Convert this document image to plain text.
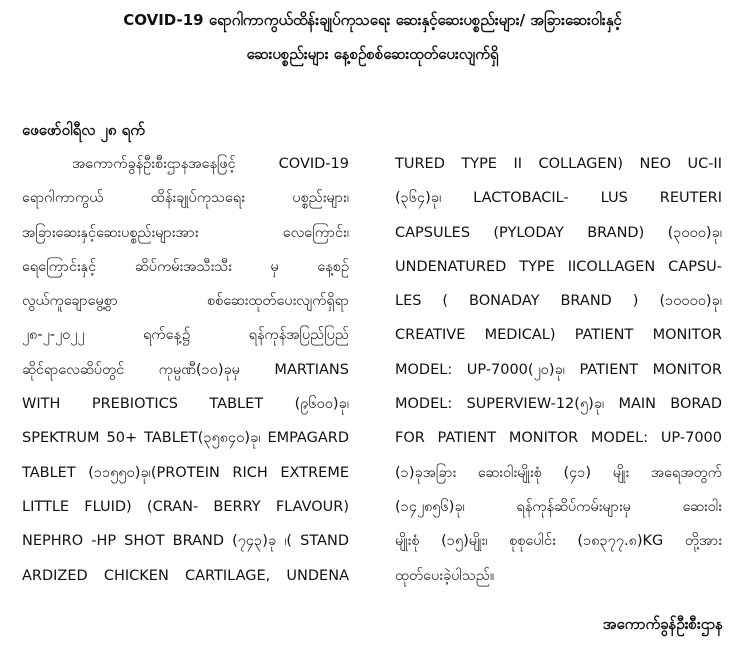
COVID-19 ရောဂါကာကွယ်ထိန်းချုပ်ကုသရေး ဆေးနှင့်ဆေးပစ္စည်းများ/ အခြားဆေးဝါးနှင့်
ဆေးပစ္စည်းများ နေ့စဉ်စစ်ဆေးထုတ်ပေးလျက်ရှိ
ဖေဖော်ဝါရီလ ၂၈ ရက်
အကောက်ခွန်ဦးစီးဌာနအနေဖြင့် COVID-19
ရောဂါကာကွယ် ထိန်းချုပ်ကုသရေး ပစ္စည်းများ၊
အခြားဆေးနှင့်ဆေးပစ္စည်းများအား လေကြောင်း၊
ရေကြောင်းနှင့် ဆိပ်ကမ်းအသီးသီး မှ နေ့စဉ်
လွယ်ကူချောမွေ့စွာ စစ်ဆေးထုတ်ပေးလျက်ရှိရာ
၂၈-၂-၂၀၂၂ ရက်နေ့၌ ရန်ကုန်အပြည်ပြည်
ဆိုင်ရာလေဆိပ်တွင် ကုမ္ပဏီ(၁၀)ခုမှ MARTIANS
WITH PREBIOTICS TABLET (၉၆၀၀)ခု၊
SPEKTRUM 50+ TABLET(၃၅၈၄၀)ခု၊ EMPAGARD
TABLET (၁၁၅၅၀)ခု၊(PROTEIN RICH EXTREME
LITTLE FLUID) (CRAN- BERRY FLAVOUR)
NEPHRO -HP SHOT BRAND (၇၄၃)ခု ၊( STAND
ARDIZED CHICKEN CARTILAGE, UNDENA
TURED TYPE II COLLAGEN) NEO UC-II
(၃၆၄)ခု၊ LACTOBACIL- LUS REUTERI
CAPSULES (PYLODAY BRAND) (၃၀၀၀)ခု၊
UNDENATURED TYPE IICOLLAGEN CAPSU-
LES ( BONADAY BRAND ) (၁၀၀၀၀)ခု၊
CREATIVE MEDICAL) PATIENT MONITOR
MODEL: UP-7000(၂၀)ခု၊ PATIENT MONITOR
MODEL: SUPERVIEW-12(၅)ခု၊ MAIN BORAD
FOR PATIENT MONITOR MODEL: UP-7000
(၁)ခုအခြား ဆေးဝါးမျိုးစုံ (၄၁) မျိုး အရေအတွက်
(၁၄၂၈၅၆)ခု၊ ရန်ကုန်ဆိပ်ကမ်းများမှ ဆေးဝါး
မျိုးစုံ (၁၅)မျိုး၊ စုစုပေါင်း (၁၈၃၇၇.၈)KG တို့အား
ထုတ်ပေးခဲ့ပါသည်။
အကောက်ခွန်ဦးစီးဌာန
